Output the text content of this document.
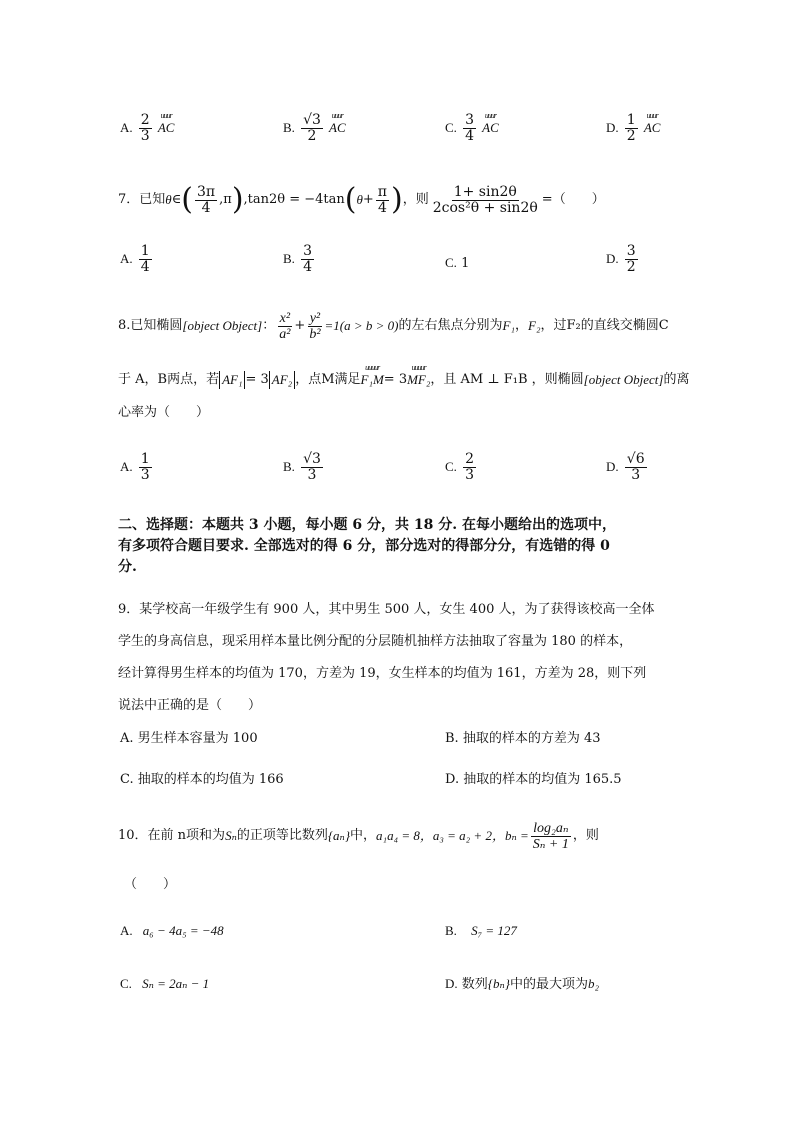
A. $\frac{2}{3}$
	uuur
AC	B. $\frac{√3}{2}$
	uuur
AC	C. $\frac{3}{4}$
	uuur
AC	D. $\frac{1}{2}$
	uuur
AC
7．已知 θ ∈ ( $\frac{3\pi}{4} ,\pi$ ) ,tan2θ = −4tan ( $\theta + \frac{\pi}{4}$ ) ，则 $\frac{1+ \sin 2\theta}{\text{2cos²θ + sin2θ}}$ =（　　）
A. $\frac{1}{4}$	B. $\frac{3}{4}$	C. 1	D. $\frac{3}{2}$
8.已知椭圆 [object Object] ： $\frac{\text{x²}}{\text{a²}} + \frac{\text{y²}}{\text{b²}} =1(a > b > 0)$ 的左右焦点分别为 F₁ ， F₂ ，过F₂的直线交椭圆C
于 A，B两点，若 AF₁ = 3 AF₂ ，点M满足
uuuur
F₁M = 3
uuuur
MF₂ ，且 AM ⊥ F₁B ，则椭圆 [object Object] 的离
心率为（　　）
A. $\frac{1}{3}$	B. $\frac{√3}{3}$	C. $\frac{2}{3}$	D. $\frac{√6}{3}$
二、选择题：本题共 3 小题，每小题 6 分，共 18 分. 在每小题给出的选项中，
有多项符合题目要求. 全部选对的得 6 分，部分选对的得部分分，有选错的得 0
分.
9．某学校高一年级学生有 900 人，其中男生 500 人，女生 400 人，为了获得该校高一全体
学生的身高信息，现采用样本量比例分配的分层随机抽样方法抽取了容量为 180 的样本，
经计算得男生样本的均值为 170，方差为 19，女生样本的均值为 161，方差为 28，则下列
说法中正确的是（　　）
A. 男生样本容量为 100	B. 抽取的样本的方差为 43
C. 抽取的样本的均值为 166	D. 抽取的样本的均值为 165.5
10．在前 n项和为 Sₙ 的正项等比数列 {aₙ} 中， a₁a₄ = 8 ，a₃ = a₂ + 2， $b_n = \frac{\text{log₂aₙ}}{\text{Sₙ + 1}}$ ，则
（　　）
A. a₆ − 4a₅ = −48	B. S₇ = 127
C. Sₙ = 2aₙ − 1	D. 数列{bₙ}中的最大项为b₂
